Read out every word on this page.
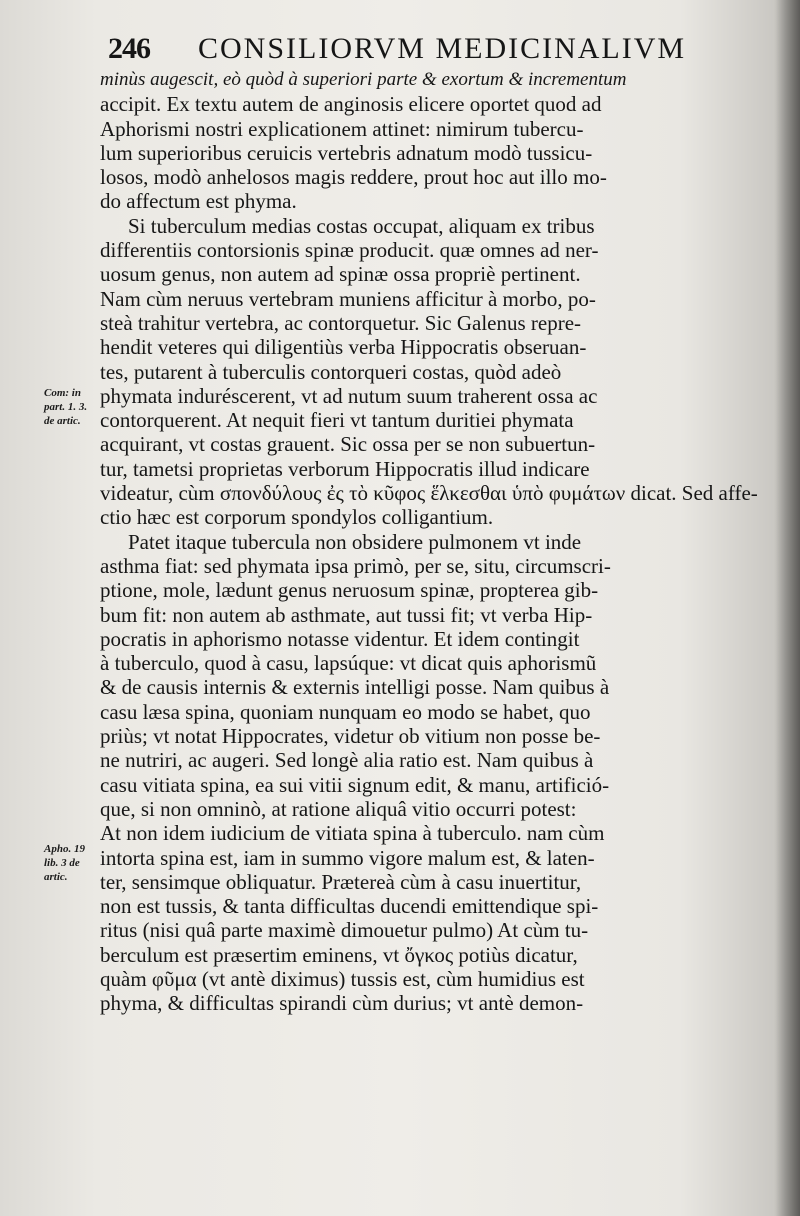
246 CONSILIORVM MEDICINALIVM
Com: in
part. 1. 3.
de artic.
Apho. 19
lib. 3 de
artic.
minùs augescit, eò quòd à superiori parte & exortum & incrementum
accipit. Ex textu autem de anginosis elicere oportet quod ad
Aphorismi nostri explicationem attinet: nimirum tubercu-
lum superioribus ceruicis vertebris adnatum modò tussicu-
losos, modò anhelosos magis reddere, prout hoc aut illo mo-
do affectum est phyma.
Si tuberculum medias costas occupat, aliquam ex tribus
differentiis contorsionis spinæ producit. quæ omnes ad ner-
uosum genus, non autem ad spinæ ossa propriè pertinent.
Nam cùm neruus vertebram muniens afficitur à morbo, po-
steà trahitur vertebra, ac contorquetur. Sic Galenus repre-
hendit veteres qui diligentiùs verba Hippocratis obseruan-
tes, putarent à tuberculis contorqueri costas, quòd adeò
phymata induréscerent, vt ad nutum suum traherent ossa ac
contorquerent. At nequit fieri vt tantum duritiei phymata
acquirant, vt costas grauent. Sic ossa per se non subuertun-
tur, tametsi proprietas verborum Hippocratis illud indicare
videatur, cùm σπονδύλους ἐς τὸ κῦφος ἕλκεσθαι ὑπὸ φυμάτων dicat. Sed affe-
ctio hæc est corporum spondylos colligantium.
Patet itaque tubercula non obsidere pulmonem vt inde
asthma fiat: sed phymata ipsa primò, per se, situ, circumscri-
ptione, mole, lædunt genus neruosum spinæ, propterea gib-
bum fit: non autem ab asthmate, aut tussi fit; vt verba Hip-
pocratis in aphorismo notasse videntur. Et idem contingit
à tuberculo, quod à casu, lapsúque: vt dicat quis aphorismũ
& de causis internis & externis intelligi posse. Nam quibus à
casu læsa spina, quoniam nunquam eo modo se habet, quo
priùs; vt notat Hippocrates, videtur ob vitium non posse be-
ne nutriri, ac augeri. Sed longè alia ratio est. Nam quibus à
casu vitiata spina, ea sui vitii signum edit, & manu, artifició-
que, si non omninò, at ratione aliquâ vitio occurri potest:
At non idem iudicium de vitiata spina à tuberculo. nam cùm
intorta spina est, iam in summo vigore malum est, & laten-
ter, sensimque obliquatur. Prætereà cùm à casu inuertitur,
non est tussis, & tanta difficultas ducendi emittendique spi-
ritus (nisi quâ parte maximè dimouetur pulmo) At cùm tu-
berculum est præsertim eminens, vt ὄγκος potiùs dicatur,
quàm φῦμα (vt antè diximus) tussis est, cùm humidius est
phyma, & difficultas spirandi cùm durius; vt antè demon-
